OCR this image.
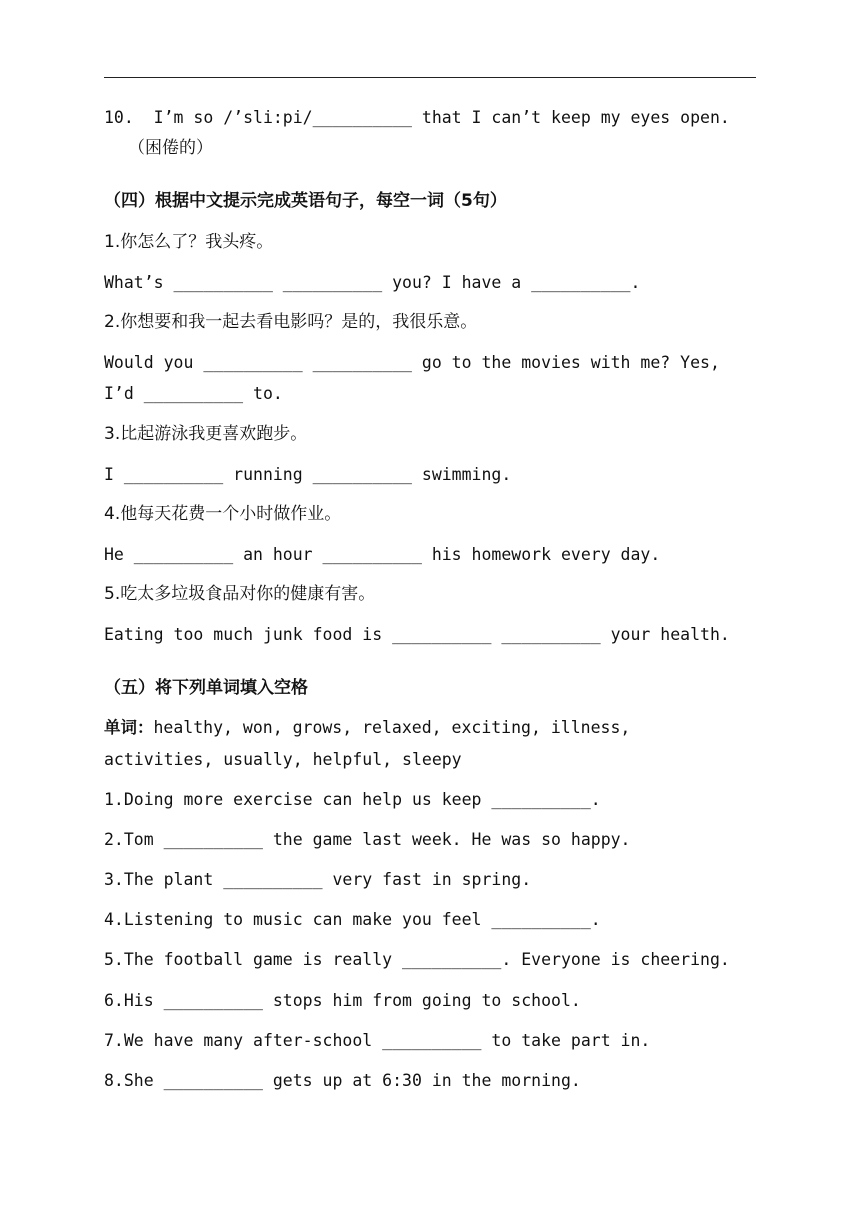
10.  I’m so /’sli:pi/__________ that I can’t keep my eyes open.
（困倦的）
（四）根据中文提示完成英语句子，每空一词（5句）
1.你怎么了？我头疼。
What’s __________ __________ you? I have a __________.
2.你想要和我一起去看电影吗？是的，我很乐意。
Would you __________ __________ go to the movies with me? Yes,
I’d __________ to.
3.比起游泳我更喜欢跑步。
I __________ running __________ swimming.
4.他每天花费一个小时做作业。
He __________ an hour __________ his homework every day.
5.吃太多垃圾食品对你的健康有害。
Eating too much junk food is __________ __________ your health.
（五）将下列单词填入空格
单词：healthy, won, grows, relaxed, exciting, illness,
activities, usually, helpful, sleepy
1.Doing more exercise can help us keep __________.
2.Tom __________ the game last week. He was so happy.
3.The plant __________ very fast in spring.
4.Listening to music can make you feel __________.
5.The football game is really __________. Everyone is cheering.
6.His __________ stops him from going to school.
7.We have many after-school __________ to take part in.
8.She __________ gets up at 6:30 in the morning.
